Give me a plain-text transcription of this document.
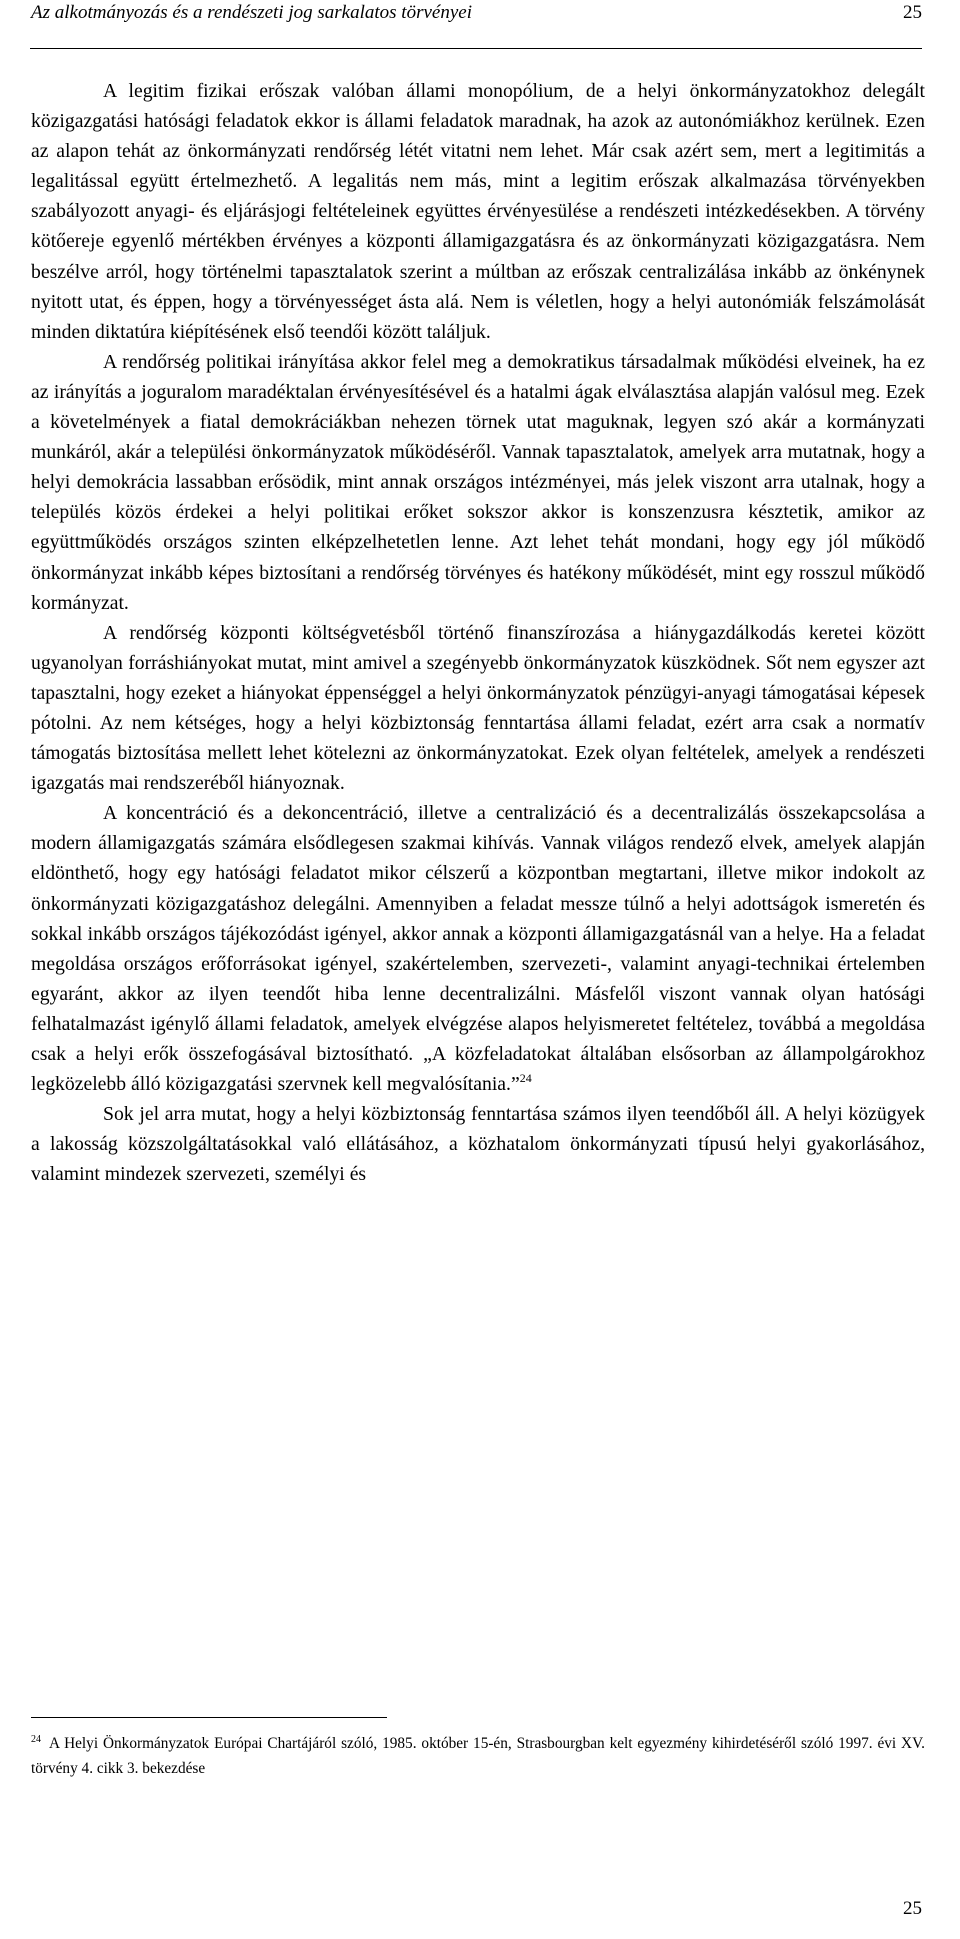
Az alkotmányozás és a rendészeti jog sarkalatos törvényei	25

A legitim fizikai erőszak valóban állami monopólium, de a helyi önkormányzatokhoz delegált közigazgatási hatósági feladatok ekkor is állami feladatok maradnak, ha azok az autonómiákhoz kerülnek. Ezen az alapon tehát az önkormányzati rendőrség létét vitatni nem lehet. Már csak azért sem, mert a legitimitás a legalitással együtt értelmezhető. A legalitás nem más, mint a legitim erőszak alkalmazása törvényekben szabályozott anyagi- és eljárásjogi feltételeinek együttes érvényesülése a rendészeti intézkedésekben. A törvény kötőereje egyenlő mértékben érvényes a központi államigazgatásra és az önkormányzati közigazgatásra. Nem beszélve arról, hogy történelmi tapasztalatok szerint a múltban az erőszak centralizálása inkább az önkénynek nyitott utat, és éppen, hogy a törvényességet ásta alá. Nem is véletlen, hogy a helyi autonómiák felszámolását minden diktatúra kiépítésének első teendői között találjuk.

A rendőrség politikai irányítása akkor felel meg a demokratikus társadalmak működési elveinek, ha ez az irányítás a joguralom maradéktalan érvényesítésével és a hatalmi ágak elválasztása alapján valósul meg. Ezek a követelmények a fiatal demokráciákban nehezen törnek utat maguknak, legyen szó akár a kormányzati munkáról, akár a települési önkormányzatok működéséről. Vannak tapasztalatok, amelyek arra mutatnak, hogy a helyi demokrácia lassabban erősödik, mint annak országos intézményei, más jelek viszont arra utalnak, hogy a település közös érdekei a helyi politikai erőket sokszor akkor is konszenzusra késztetik, amikor az együttműködés országos szinten elképzelhetetlen lenne. Azt lehet tehát mondani, hogy egy jól működő önkormányzat inkább képes biztosítani a rendőrség törvényes és hatékony működését, mint egy rosszul működő kormányzat.

A rendőrség központi költségvetésből történő finanszírozása a hiánygazdálkodás keretei között ugyanolyan forráshiányokat mutat, mint amivel a szegényebb önkormányzatok küszködnek. Sőt nem egyszer azt tapasztalni, hogy ezeket a hiányokat éppenséggel a helyi önkormányzatok pénzügyi-anyagi támogatásai képesek pótolni. Az nem kétséges, hogy a helyi közbiztonság fenntartása állami feladat, ezért arra csak a normatív támogatás biztosítása mellett lehet kötelezni az önkormányzatokat. Ezek olyan feltételek, amelyek a rendészeti igazgatás mai rendszeréből hiányoznak.

A koncentráció és a dekoncentráció, illetve a centralizáció és a decentralizálás összekapcsolása a modern államigazgatás számára elsődlegesen szakmai kihívás. Vannak világos rendező elvek, amelyek alapján eldönthető, hogy egy hatósági feladatot mikor célszerű a központban megtartani, illetve mikor indokolt az önkormányzati közigazgatáshoz delegálni. Amennyiben a feladat messze túlnő a helyi adottságok ismeretén és sokkal inkább országos tájékozódást igényel, akkor annak a központi államigazgatásnál van a helye. Ha a feladat megoldása országos erőforrásokat igényel, szakértelemben, szervezeti-, valamint anyagi-technikai értelemben egyaránt, akkor az ilyen teendőt hiba lenne decentralizálni. Másfelől viszont vannak olyan hatósági felhatalmazást igénylő állami feladatok, amelyek elvégzése alapos helyismeretet feltételez, továbbá a megoldása csak a helyi erők összefogásával biztosítható. „A közfeladatokat általában elsősorban az állampolgárokhoz legközelebb álló közigazgatási szervnek kell megvalósítania.”$^{24}$

Sok jel arra mutat, hogy a helyi közbiztonság fenntartása számos ilyen teendőből áll. A helyi közügyek a lakosság közszolgáltatásokkal való ellátásához, a közhatalom önkormányzati típusú helyi gyakorlásához, valamint mindezek szervezeti, személyi és

$^{24}$ A Helyi Önkormányzatok Európai Chartájáról szóló, 1985. október 15-én, Strasbourgban kelt egyezmény kihirdetéséről szóló 1997. évi XV. törvény 4. cikk 3. bekezdése

25
